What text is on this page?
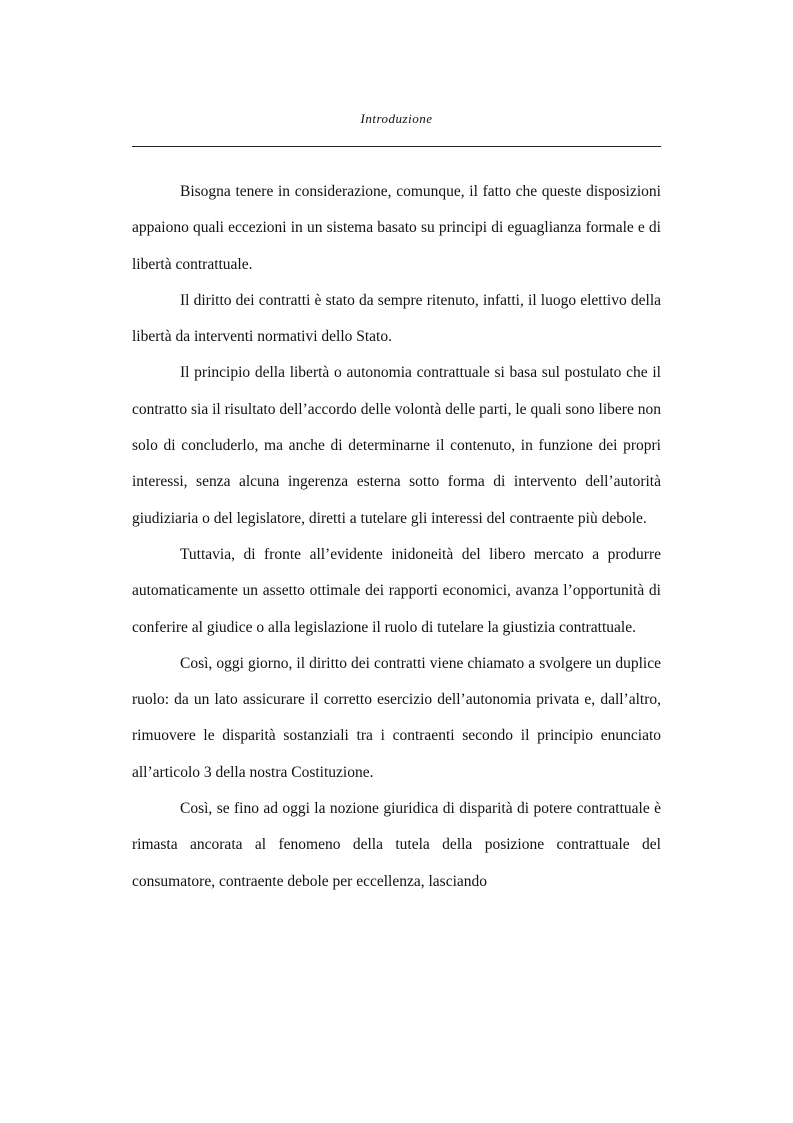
Introduzione

Bisogna tenere in considerazione, comunque, il fatto che queste disposizioni appaiono quali eccezioni in un sistema basato su principi di eguaglianza formale e di libertà contrattuale.

Il diritto dei contratti è stato da sempre ritenuto, infatti, il luogo elettivo della libertà da interventi normativi dello Stato.

Il principio della libertà o autonomia contrattuale si basa sul postulato che il contratto sia il risultato dell’accordo delle volontà delle parti, le quali sono libere non solo di concluderlo, ma anche di determinarne il contenuto, in funzione dei propri interessi, senza alcuna ingerenza esterna sotto forma di intervento dell’autorità giudiziaria o del legislatore, diretti a tutelare gli interessi del contraente più debole.

Tuttavia, di fronte all’evidente inidoneità del libero mercato a produrre automaticamente un assetto ottimale dei rapporti economici, avanza l’opportunità di conferire al giudice o alla legislazione il ruolo di tutelare la giustizia contrattuale.

Così, oggi giorno, il diritto dei contratti viene chiamato a svolgere un duplice ruolo: da un lato assicurare il corretto esercizio dell’autonomia privata e, dall’altro, rimuovere le disparità sostanziali tra i contraenti secondo il principio enunciato all’articolo 3 della nostra Costituzione.

Così, se fino ad oggi la nozione giuridica di disparità di potere contrattuale è rimasta ancorata al fenomeno della tutela della posizione contrattuale del consumatore, contraente debole per eccellenza, lasciando
